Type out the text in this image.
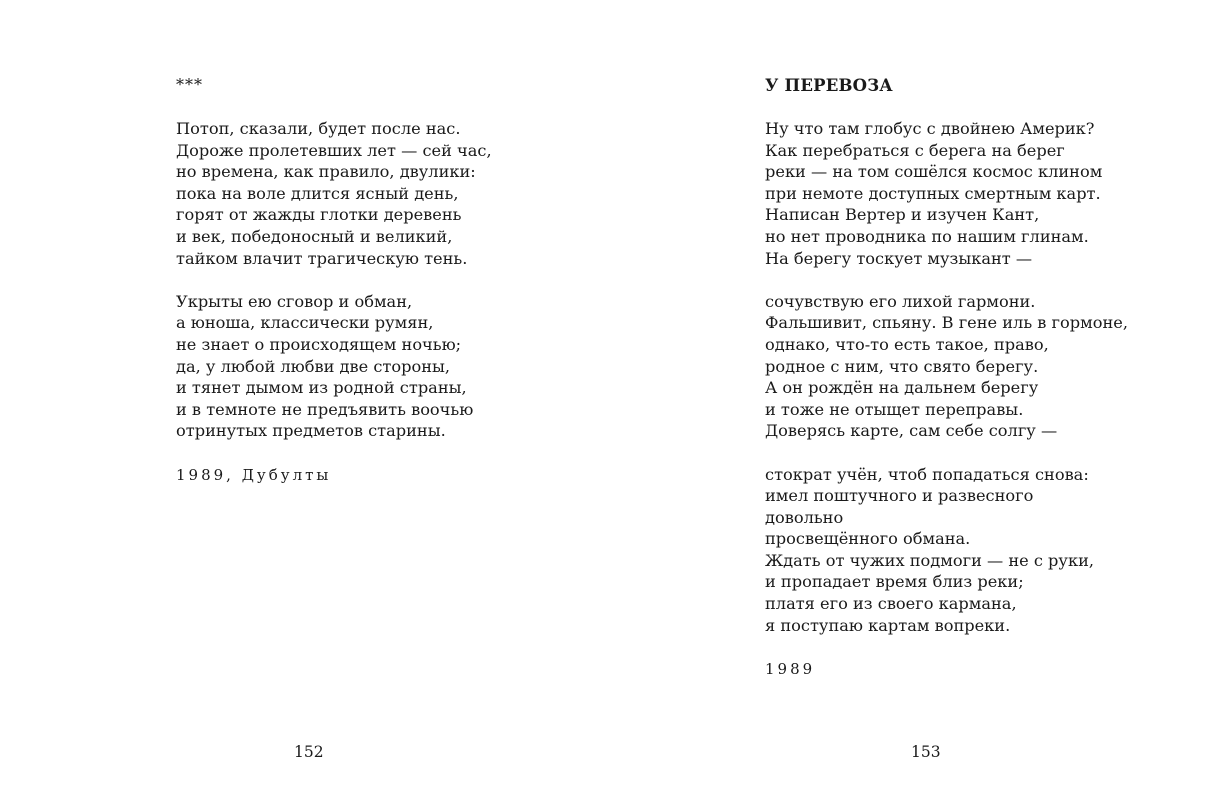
***
Потоп, сказали, будет после нас.
Дороже пролетевших лет — сей час,
но времена, как правило, двулики:
пока на воле длится ясный день,
горят от жажды глотки деревень
и век, победоносный и великий,
тайком влачит трагическую тень.
Укрыты ею сговор и обман,
а юноша, классически румян,
не знает о происходящем ночью;
да, у любой любви две стороны,
и тянет дымом из родной страны,
и в темноте не предъявить воочью
отринутых предметов старины.
1989, Дубулты
152
У ПЕРЕВОЗА
Ну что там глобус с двойнею Америк?
Как перебраться с берега на берег
реки — на том сошёлся космос клином
при немоте доступных смертным карт.
Написан Вертер и изучен Кант,
но нет проводника по нашим глинам.
На берегу тоскует музыкант —
сочувствую его лихой гармони.
Фальшивит, спьяну. В гене иль в гормоне,
однако, что-то есть такое, право,
родное с ним, что свято берегу.
А он рождён на дальнем берегу
и тоже не отыщет переправы.
Доверясь карте, сам себе солгу —
стократ учён, чтоб попадаться снова:
имел поштучного и развесного
довольно
просвещённого обмана.
Ждать от чужих подмоги — не с руки,
и пропадает время близ реки;
платя его из своего кармана,
я поступаю картам вопреки.
1989
153
